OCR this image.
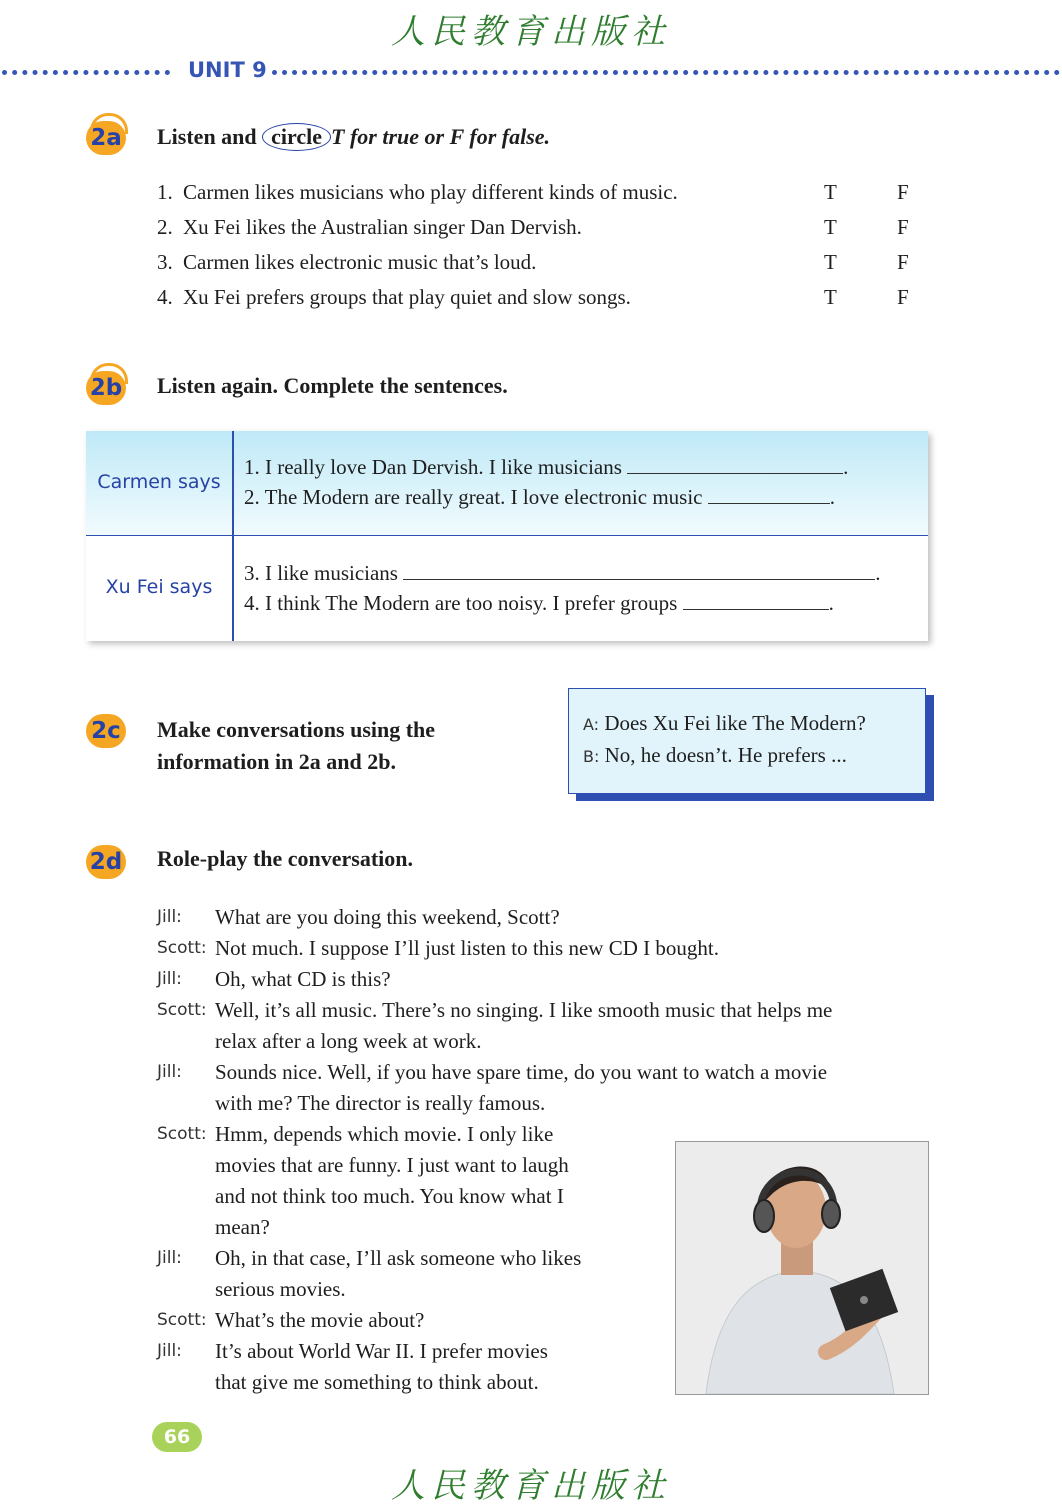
人民教育出版社
UNIT 9
2a Listen and circle T for true or F for false.
1. Carmen likes musicians who play different kinds of music.	T	F
2. Xu Fei likes the Australian singer Dan Dervish.	T	F
3. Carmen likes electronic music that’s loud.	T	F
4. Xu Fei prefers groups that play quiet and slow songs.	T	F
2b Listen again. Complete the sentences.
Carmen says
1. I really love Dan Dervish. I like musicians	.
2. The Modern are really great. I love electronic music	.
Xu Fei says
3. I like musicians	.
4. I think The Modern are too noisy. I prefer groups	.
2c Make conversations using the
information in 2a and 2b.
A: Does Xu Fei like The Modern?
B: No, he doesn’t. He prefers ...
2d Role-play the conversation.
Jill: What are you doing this weekend, Scott?
Scott: Not much. I suppose I’ll just listen to this new CD I bought.
Jill: Oh, what CD is this?
Scott: Well, it’s all music. There’s no singing. I like smooth music that helps me
relax after a long week at work.
Jill: Sounds nice. Well, if you have spare time, do you want to watch a movie
with me? The director is really famous.
Scott: Hmm, depends which movie. I only like
movies that are funny. I just want to laugh
and not think too much. You know what I
mean?
Jill: Oh, in that case, I’ll ask someone who likes
serious movies.
Scott: What’s the movie about?
Jill: It’s about World War II. I prefer movies
that give me something to think about.
66
人民教育出版社
